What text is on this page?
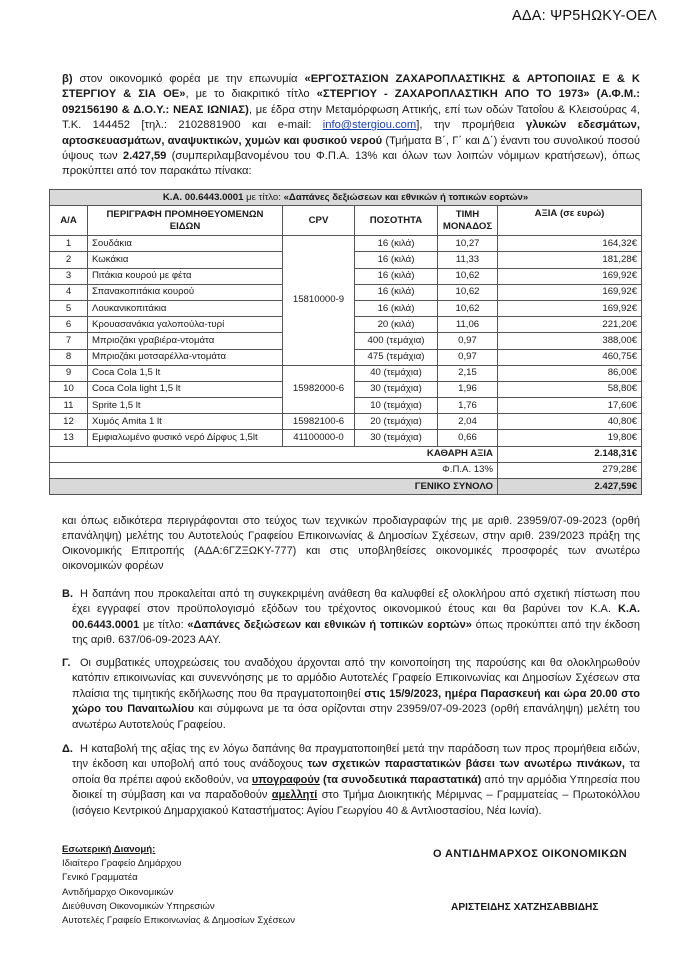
ΑΔΑ: ΨΡ5ΗΩΚΥ-ΟΕΛ
β) στον οικονομικό φορέα με την επωνυμία «ΕΡΓΟΣΤΑΣΙΟΝ ΖΑΧΑΡΟΠΛΑΣΤΙΚΗΣ & ΑΡΤΟΠΟΙΙΑΣ Ε & Κ ΣΤΕΡΓΙΟΥ & ΣΙΑ ΟΕ», με το διακριτικό τίτλο «ΣΤΕΡΓΙΟΥ - ΖΑΧΑΡΟΠΛΑΣΤΙΚΗ ΑΠΟ ΤΟ 1973» (Α.Φ.Μ.: 092156190 & Δ.Ο.Υ.: ΝΕΑΣ ΙΩΝΙΑΣ), με έδρα στην Μεταμόρφωση Αττικής, επί των οδών Τατοΐου & Κλεισούρας 4, Τ.Κ. 144452 [τηλ.: 2102881900 και e-mail: info@stergiou.com], την προμήθεια γλυκών εδεσμάτων, αρτοσκευασμάτων, αναψυκτικών, χυμών και φυσικού νερού (Τμήματα Β΄, Γ΄ και Δ΄) έναντι του συνολικού ποσού ύψους των 2.427,59 (συμπεριλαμβανομένου του Φ.Π.Α. 13% και όλων των λοιπών νόμιμων κρατήσεων), όπως προκύπτει από τον παρακάτω πίνακα:
Κ.Α. 00.6443.0001 με τίτλο: «Δαπάνες δεξιώσεων και εθνικών ή τοπικών εορτών»					
Α/Α	ΠΕΡΙΓΡΑΦΗ ΠΡΟΜΗΘΕΥΟΜΕΝΩΝ ΕΙΔΩΝ	CPV	ΠΟΣΟΤΗΤΑ	ΤΙΜΗ ΜΟΝΑΔΟΣ	ΑΞΙΑ (σε ευρώ)
1	Σουδάκια	15810000-9	16 (κιλά)	10,27	164,32€
2	Κωκάκια		16 (κιλά)	11,33	181,28€
3	Πιτάκια κουρού με φέτα		16 (κιλά)	10,62	169,92€
4	Σπανακοπιτάκια κουρού		16 (κιλά)	10,62	169,92€
5	Λουκανικοπιτάκια		16 (κιλά)	10,62	169,92€
6	Κρουασανάκια γαλοπούλα-τυρί		20 (κιλά)	11,06	221,20€
7	Μπριοζάκι γραβιέρα-ντομάτα		400 (τεμάχια)	0,97	388,00€
8	Μπριοζάκι μοτσαρέλλα-ντομάτα		475 (τεμάχια)	0,97	460,75€
9	Coca Cola 1,5 lt	15982000-6	40 (τεμάχια)	2,15	86,00€
10	Coca Cola light 1,5 lt		30 (τεμάχια)	1,96	58,80€
11	Sprite 1,5 lt		10 (τεμάχια)	1,76	17,60€
12	Χυμός Amita 1 lt	15982100-6	20 (τεμάχια)	2,04	40,80€
13	Εμφιαλωμένο φυσικό νερό Δίρφυς 1,5lt	41100000-0	30 (τεμάχια)	0,66	19,80€
ΚΑΘΑΡΗ ΑΞΙΑ					2.148,31€
Φ.Π.Α. 13%					279,28€
ΓΕΝΙΚΟ ΣΥΝΟΛΟ					2.427,59€
και όπως ειδικότερα περιγράφονται στο τεύχος των τεχνικών προδιαγραφών της με αριθ. 23959/07-09-2023 (ορθή επανάληψη) μελέτης του Αυτοτελούς Γραφείου Επικοινωνίας & Δημοσίων Σχέσεων, στην αριθ. 239/2023 πράξη της Οικονομικής Επιτροπής (ΑΔΑ:6ΓΖΞΩΚΥ-777) και στις υποβληθείσες οικονομικές προσφορές των ανωτέρω οικονομικών φορέων
Β. Η δαπάνη που προκαλείται από τη συγκεκριμένη ανάθεση θα καλυφθεί εξ ολοκλήρου από σχετική πίστωση που έχει εγγραφεί στον προϋπολογισμό εξόδων του τρέχοντος οικονομικού έτους και θα βαρύνει τον Κ.Α. Κ.Α. 00.6443.0001 με τίτλο: «Δαπάνες δεξιώσεων και εθνικών ή τοπικών εορτών» όπως προκύπτει από την έκδοση της αριθ. 637/06-09-2023 ΑΑΥ.
Γ. Οι συμβατικές υποχρεώσεις του αναδόχου άρχονται από την κοινοποίηση της παρούσης και θα ολοκληρωθούν κατόπιν επικοινωνίας και συνεννόησης με το αρμόδιο Αυτοτελές Γραφείο Επικοινωνίας και Δημοσίων Σχέσεων στα πλαίσια της τιμητικής εκδήλωσης που θα πραγματοποιηθεί στις 15/9/2023, ημέρα Παρασκευή και ώρα 20.00 στο χώρο του Παναιτωλίου και σύμφωνα με τα όσα ορίζονται στην 23959/07-09-2023 (ορθή επανάληψη) μελέτη του ανωτέρω Αυτοτελούς Γραφείου.
Δ. Η καταβολή της αξίας της εν λόγω δαπάνης θα πραγματοποιηθεί μετά την παράδοση των προς προμήθεια ειδών, την έκδοση και υποβολή από τους ανάδοχους των σχετικών παραστατικών βάσει των ανωτέρω πινάκων, τα οποία θα πρέπει αφού εκδοθούν, να υπογραφούν (τα συνοδευτικά παραστατικά) από την αρμόδια Υπηρεσία που διοικεί τη σύμβαση και να παραδοθούν αμελλητί στο Τμήμα Διοικητικής Μέριμνας – Γραμματείας – Πρωτοκόλλου (ισόγειο Κεντρικού Δημαρχιακού Καταστήματος: Αγίου Γεωργίου 40 & Αντλιοστασίου, Νέα Ιωνία).
Εσωτερική Διανομή:
Ιδιαίτερο Γραφείο Δημάρχου
Γενικό Γραμματέα
Αντιδήμαρχο Οικονομικών
Διεύθυνση Οικονομικών Υπηρεσιών
Αυτοτελές Γραφείο Επικοινωνίας & Δημοσίων Σχέσεων
Ο ΑΝΤΙΔΗΜΑΡΧΟΣ ΟΙΚΟΝΟΜΙΚΩΝ
ΑΡΙΣΤΕΙΔΗΣ ΧΑΤΖΗΣΑΒΒΙΔΗΣ
